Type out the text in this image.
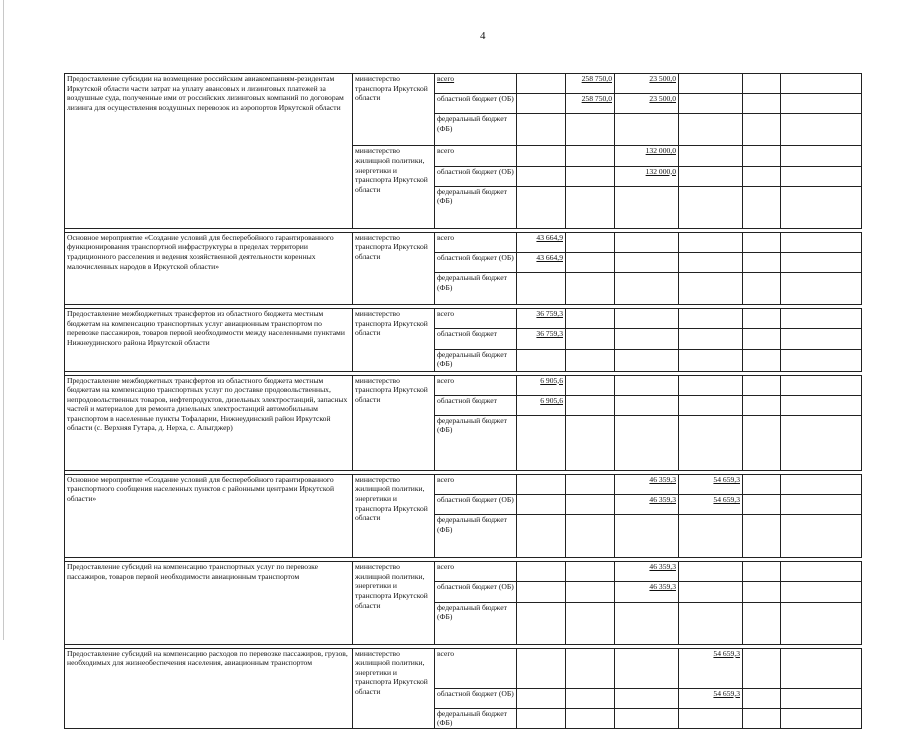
4
Предоставление субсидии на возмещение российским авиакомпаниям-резидентам Иркутской области части затрат на уплату авансовых и лизинговых платежей за воздушные суда, полученные ими от российских лизинговых компаний по договорам лизинга для осуществления воздушных перевозок из аэропортов Иркутской области	министерство транспорта Иркутской области	всего		258 750,0	23 500,0				
		областной бюджет (ОБ)		258 750,0	23 500,0				
		федеральный бюджет (ФБ)							
	министерство жилищной политики, энергетики и транспорта Иркутской области	всего			132 000,0				
		областной бюджет (ОБ)			132 000,0				
		федеральный бюджет (ФБ)							

Основное мероприятие «Создание условий для бесперебойного гарантированного функционирования транспортной инфраструктуры в пределах территории традиционного расселения и ведения хозяйственной деятельности коренных малочисленных народов в Иркутской области»	министерство транспорта Иркутской области	всего	43 664,9						
		областной бюджет (ОБ)	43 664,9						
		федеральный бюджет (ФБ)							

Предоставление межбюджетных трансфертов из областного бюджета местным бюджетам на компенсацию транспортных услуг авиационным транспортом по перевозке пассажиров, товаров первой необходимости между населенными пунктами Нижнеудинского района Иркутской области	министерство транспорта Иркутской области	всего	36 759,3						
		областной бюджет	36 759,3						
		федеральный бюджет (ФБ)							

Предоставление межбюджетных трансфертов из областного бюджета местным бюджетам на компенсацию транспортных услуг по доставке продовольственных, непродовольственных товаров, нефтепродуктов, дизельных электростанций, запасных частей и материалов для ремонта дизельных электростанций автомобильным транспортом в населенные пункты Тофаларии, Нижнеудинский район Иркутской области (с. Верхняя Гутара, д. Нерха, с. Алыгджер)	министерство транспорта Иркутской области	всего	6 905,6						
		областной бюджет	6 905,6						
		федеральный бюджет (ФБ)							

Основное мероприятие «Создание условий для бесперебойного гарантированного транспортного сообщения населенных пунктов с районными центрами Иркутской области»	министерство жилищной политики, энергетики и транспорта Иркутской области	всего			46 359,3	54 659,3			
		областной бюджет (ОБ)			46 359,3	54 659,3			
		федеральный бюджет (ФБ)							

Предоставление субсидий на компенсацию транспортных услуг по перевозке пассажиров, товаров первой необходимости авиационным транспортом	министерство жилищной политики, энергетики и транспорта Иркутской области	всего			46 359,3				
		областной бюджет (ОБ)			46 359,3				
		федеральный бюджет (ФБ)							

Предоставление субсидий на компенсацию расходов по перевозке пассажиров, грузов, необходимых для жизнеобеспечения населения, авиационным транспортом	министерство жилищной политики, энергетики и транспорта Иркутской области	всего				54 659,3			
		областной бюджет (ОБ)				54 659,3			
		федеральный бюджет (ФБ)							
